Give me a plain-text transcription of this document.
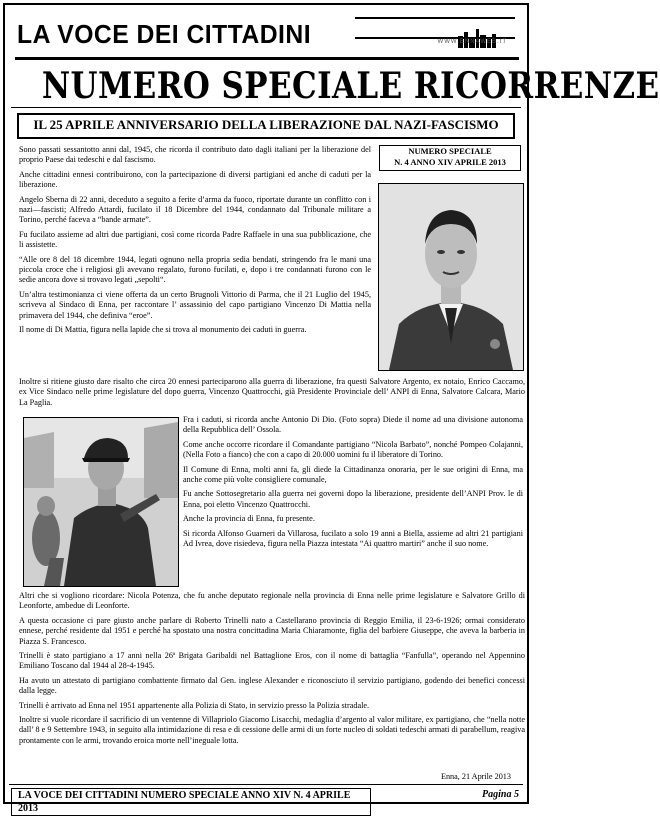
LA VOCE DEI CITTADINI	WWW.ENNAWEB.IT
NUMERO SPECIALE RICORRENZE
IL 25 APRILE ANNIVERSARIO DELLA LIBERAZIONE DAL NAZI-FASCISMO

Sono passati sessantotto anni dal, 1945, che ricorda il contributo dato dagli italiani per la liberazione del proprio Paese dai tedeschi e dal fascismo.

Anche cittadini ennesi contribuirono, con la partecipazione di diversi partigiani ed anche di caduti per la liberazione.

Angelo Sberna di 22 anni, deceduto a seguito a ferite d’arma da fuoco, riportate durante un conflitto con i nazi—fascisti; Alfredo Attardi, fucilato il 18 Dicembre del 1944, condannato dal Tribunale militare a Torino, perché faceva a “bande armate”.

Fu fucilato assieme ad altri due partigiani, così come ricorda Padre Raffaele in una sua pubblicazione, che li assistette.

“Alle ore 8 del 18 dicembre 1944, legati ognuno nella propria sedia bendati, stringendo fra le mani una piccola croce che i religiosi gli avevano regalato, furono fucilati, e, dopo i tre condannati furono con le sedie ancora dove si trovavo legati „sepolti“.

Un’altra testimonianza ci viene offerta da un certo Brugnoli Vittorio di Parma, che il 21 Luglio del 1945, scriveva al Sindaco di Enna, per raccontare l’ assassinio del capo partigiano Vincenzo Di Mattia nella primavera del 1944, che definiva “eroe”.

Il nome di Di Mattia, figura nella lapide che si trova al monumento dei caduti in guerra.

NUMERO SPECIALE
N. 4 ANNO XIV APRILE 2013

Inoltre si ritiene giusto dare risalto che circa 20 ennesi parteciparono alla guerra di liberazione, fra questi Salvatore Argento, ex notaio, Enrico Caccamo, ex Vice Sindaco nelle prime legislature del dopo guerra, Vincenzo Quattrocchi, già Presidente Provinciale dell’ ANPI di Enna, Salvatore Calcara, Mario La Paglia.

Fra i caduti, si ricorda anche Antonio Di Dio. (Foto sopra) Diede il nome ad una divisione autonoma della Repubblica dell’ Ossola.

Come anche occorre ricordare il Comandante partigiano “Nicola Barbato”, nonché Pompeo Colajanni, (Nella Foto a fianco) che con a capo di 20.000 uomini fu il liberatore di Torino.

Il Comune di Enna, molti anni fa, gli diede la Cittadinanza onoraria, per le sue origini di Enna, ma anche come più volte consigliere comunale,

Fu anche Sottosegretario alla guerra nei governi dopo la liberazione, presidente dell’ANPI Prov. le di Enna, poi eletto Vincenzo Quattrocchi.

Anche la provincia di Enna, fu presente.

Si ricorda Alfonso Guarneri da Villarosa, fucilato a solo 19 anni a Biella, assieme ad altri 21 partigiani Ad Ivrea, dove risiedeva, figura nella Piazza intestata “Ai quattro martiri” anche il suo nome.

Altri che si vogliono ricordare: Nicola Potenza, che fu anche deputato regionale nella provincia di Enna nelle prime legislature e Salvatore Grillo di Leonforte, ambedue di Leonforte.

A questa occasione ci pare giusto anche parlare di Roberto Trinelli nato a Castellarano provincia di Reggio Emilia, il 23-6-1926; ormai considerato ennese, perché residente dal 1951 e perché ha spostato una nostra concittadina Maria Chiaramonte, figlia del barbiere Giuseppe, che aveva la barberia in Piazza S. Francesco.

Trinelli è stato partigiano a 17 anni nella 26ª Brigata Garibaldi nel Battaglione Eros, con il nome di battaglia “Fanfulla”, operando nel Appennino Emiliano Toscano dal 1944 al 28-4-1945.

Ha avuto un attestato di partigiano combattente firmato dal Gen. inglese Alexander e riconosciuto il servizio partigiano, godendo dei benefici concessi dalla legge.

Trinelli è arrivato ad Enna nel 1951 appartenente alla Polizia di Stato, in servizio presso la Polizia stradale.

Inoltre si vuole ricordare il sacrificio di un ventenne di Villapriolo Giacomo Lisacchi, medaglia d’argento al valor militare, ex partigiano, che “nella notte dall’ 8 e 9 Settembre 1943, in seguito alla intimidazione di resa e di cessione delle armi di un forte nucleo di soldati tedeschi armati di parabellum, reagiva prontamente con le armi, trovando eroica morte nell’ineguale lotta.

Enna, 21 Aprile 2013
LA VOCE DEI CITTADINI NUMERO SPECIALE ANNO XIV N. 4 APRILE 2013
Pagina 5
